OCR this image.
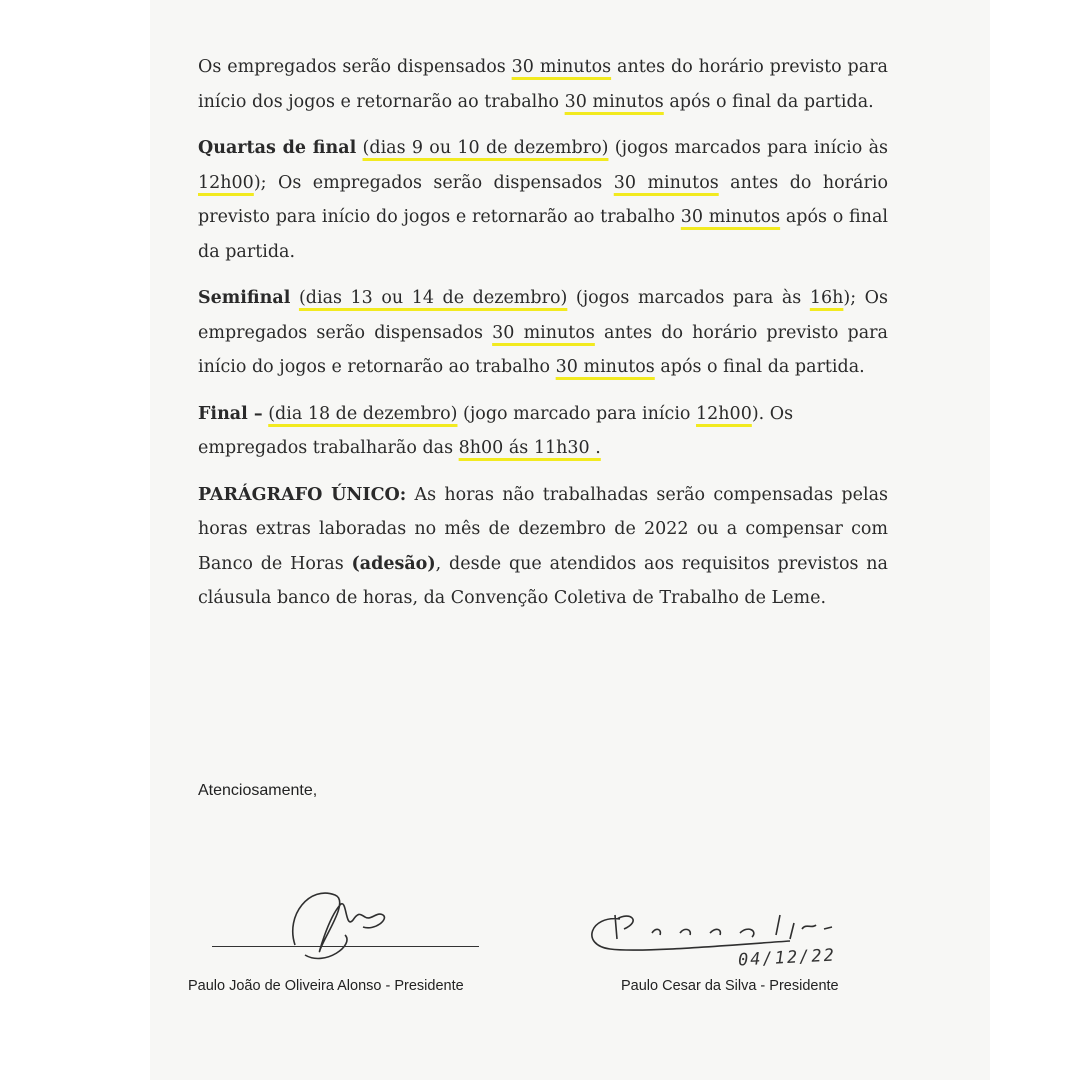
Os empregados serão dispensados 30 minutos antes do horário previsto para início dos jogos e retornarão ao trabalho 30 minutos após o final da partida.

Quartas de final (dias 9 ou 10 de dezembro) (jogos marcados para início às 12h00); Os empregados serão dispensados 30 minutos antes do horário previsto para início do jogos e retornarão ao trabalho 30 minutos após o final da partida.

Semifinal (dias 13 ou 14 de dezembro) (jogos marcados para às 16h); Os empregados serão dispensados 30 minutos antes do horário previsto para início do jogos e retornarão ao trabalho 30 minutos após o final da partida.

Final – (dia 18 de dezembro) (jogo marcado para início 12h00). Os empregados trabalharão das 8h00 ás 11h30 .

PARÁGRAFO ÚNICO: As horas não trabalhadas serão compensadas pelas horas extras laboradas no mês de dezembro de 2022 ou a compensar com Banco de Horas (adesão), desde que atendidos aos requisitos previstos na cláusula banco de horas, da Convenção Coletiva de Trabalho de Leme.

Atenciosamente,
Paulo João de Oliveira Alonso - Presidente
04/12/22
Paulo Cesar da Silva - Presidente
